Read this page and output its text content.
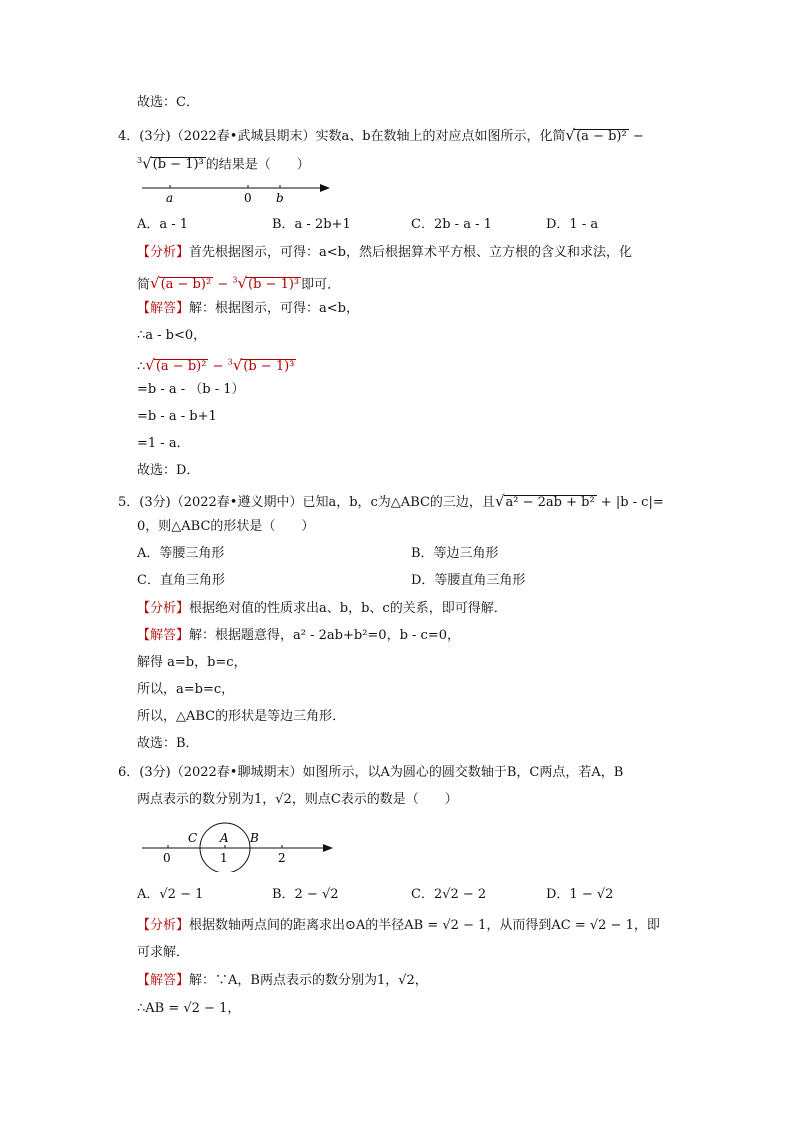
故选：C．
4．(3分)（2022春•武城县期末）实数a、b在数轴上的对应点如图所示，化简√(a − b)² −
$^3$√(b − 1)³ 的结果是（　　）
a	0 b
A．a - 1	B．a - 2b+1	C．2b - a - 1	D．1 - a
【分析】首先根据图示，可得：a<b，然后根据算术平方根、立方根的含义和求法，化
简√(a − b)² − $^3$√(b − 1)³ 即可．
【解答】解：根据图示，可得：a<b，
∴a - b<0，
∴√(a − b)² − $^3$√(b − 1)³
=b - a - （b - 1）
=b - a - b+1
=1 - a．
故选：D．
5．(3分)（2022春•遵义期中）已知a，b，c为△ABC的三边，且√a² − 2ab + b² + |b - c|=
0，则△ABC的形状是（　　）
A．等腰三角形	B．等边三角形
C．直角三角形	D．等腰直角三角形
【分析】根据绝对值的性质求出a、b，b、c的关系，即可得解．
【解答】解：根据题意得，a² - 2ab+b²=0，b - c=0，
解得 a=b，b=c，
所以，a=b=c，
所以，△ABC的形状是等边三角形．
故选：B．
6．(3分)（2022春•聊城期末）如图所示，以A为圆心的圆交数轴于B，C两点，若A，B
两点表示的数分别为1，√2，则点C表示的数是（　　）
C A B
0	1	2
A．√2 − 1	B．2 − √2	C．2√2 − 2	D．1 − √2
【分析】根据数轴两点间的距离求出⊙A的半径AB = √2 − 1，从而得到AC = √2 − 1，即
可求解．
【解答】解：∵A，B两点表示的数分别为1，√2，
∴AB = √2 − 1，
